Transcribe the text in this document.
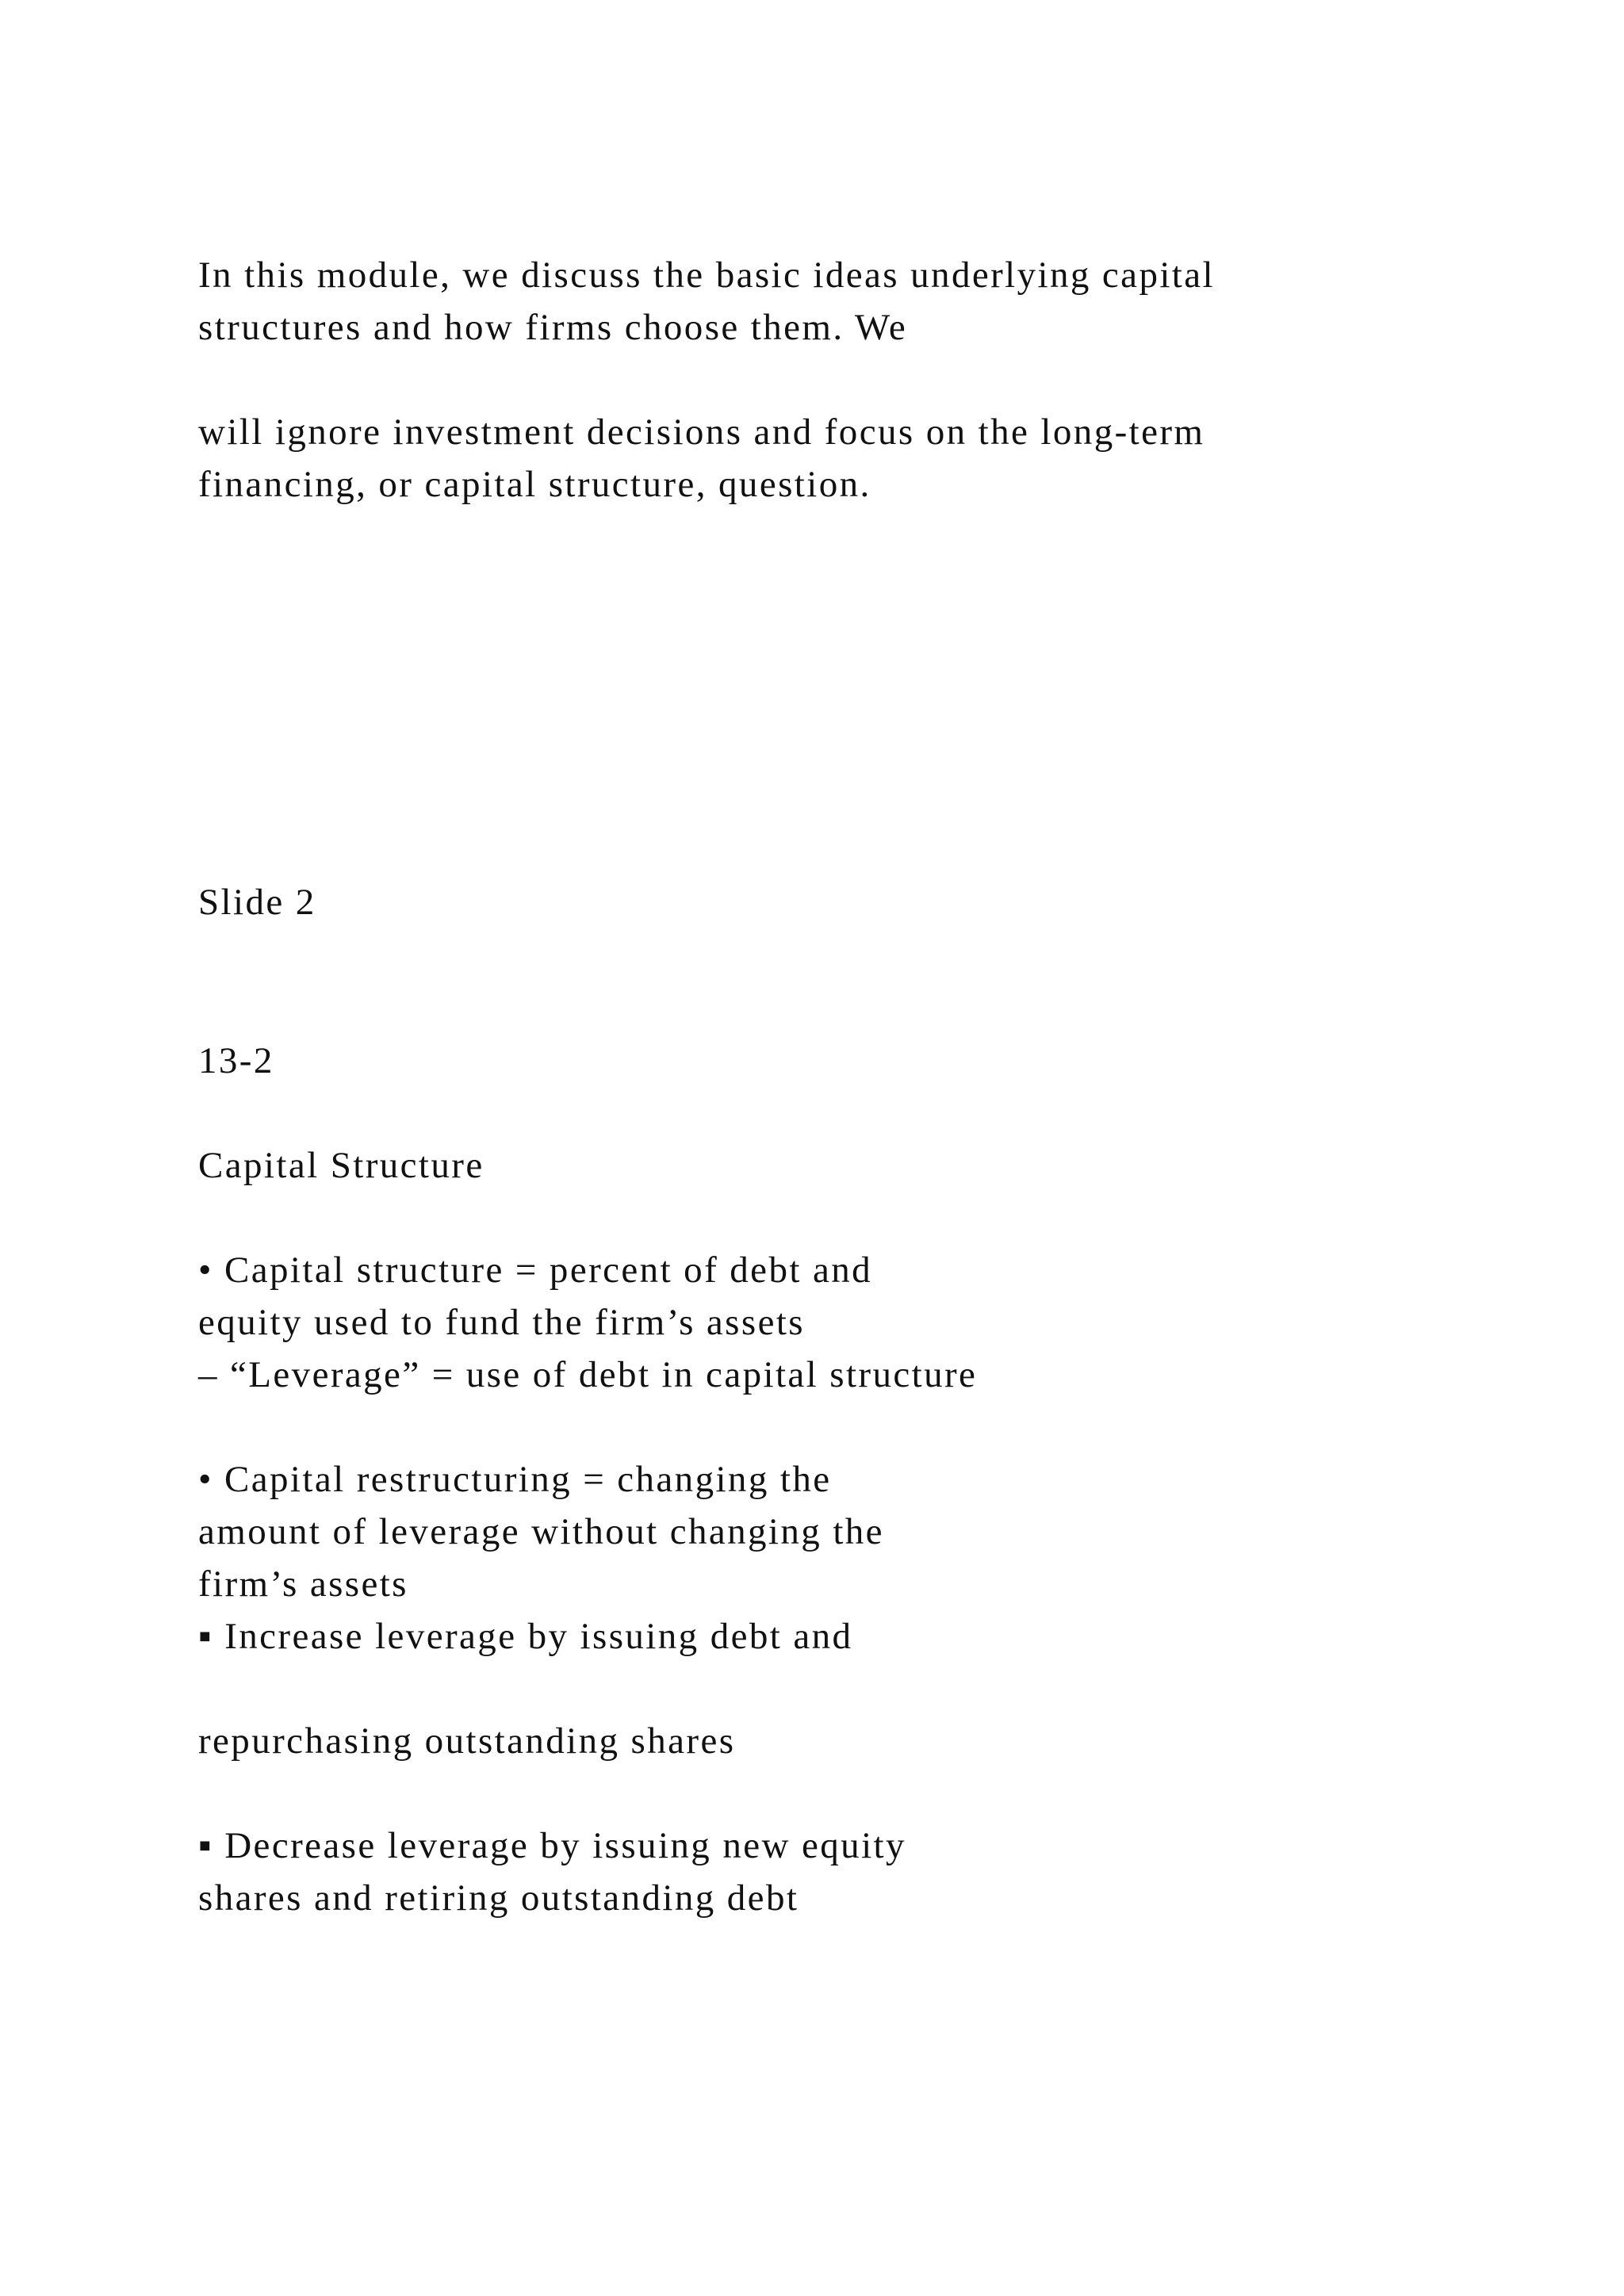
In this module, we discuss the basic ideas underlying capital

structures and how firms choose them. We

will ignore investment decisions and focus on the long-term

financing, or capital structure, question.

Slide 2

13-2

Capital Structure

• Capital structure = percent of debt and

equity used to fund the firm’s assets

– “Leverage” = use of debt in capital structure

• Capital restructuring = changing the

amount of leverage without changing the

firm’s assets

▪ Increase leverage by issuing debt and

repurchasing outstanding shares

▪ Decrease leverage by issuing new equity

shares and retiring outstanding debt
